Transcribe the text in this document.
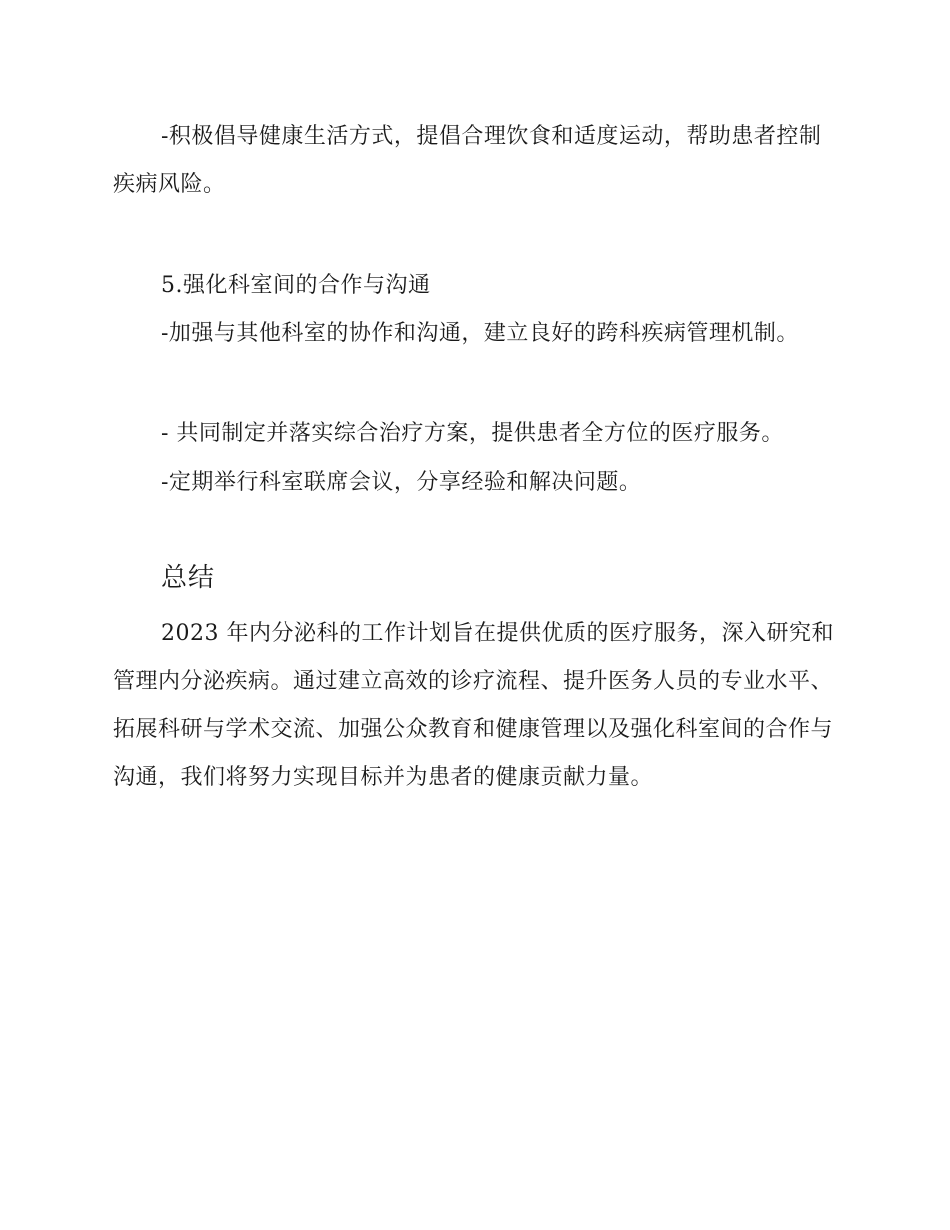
-积极倡导健康生活方式，提倡合理饮食和适度运动，帮助患者控制疾病风险。

5.强化科室间的合作与沟通

-加强与其他科室的协作和沟通，建立良好的跨科疾病管理机制。

- 共同制定并落实综合治疗方案，提供患者全方位的医疗服务。

-定期举行科室联席会议，分享经验和解决问题。

总结

2023 年内分泌科的工作计划旨在提供优质的医疗服务，深入研究和管理内分泌疾病。通过建立高效的诊疗流程、提升医务人员的专业水平、拓展科研与学术交流、加强公众教育和健康管理以及强化科室间的合作与沟通，我们将努力实现目标并为患者的健康贡献力量。
